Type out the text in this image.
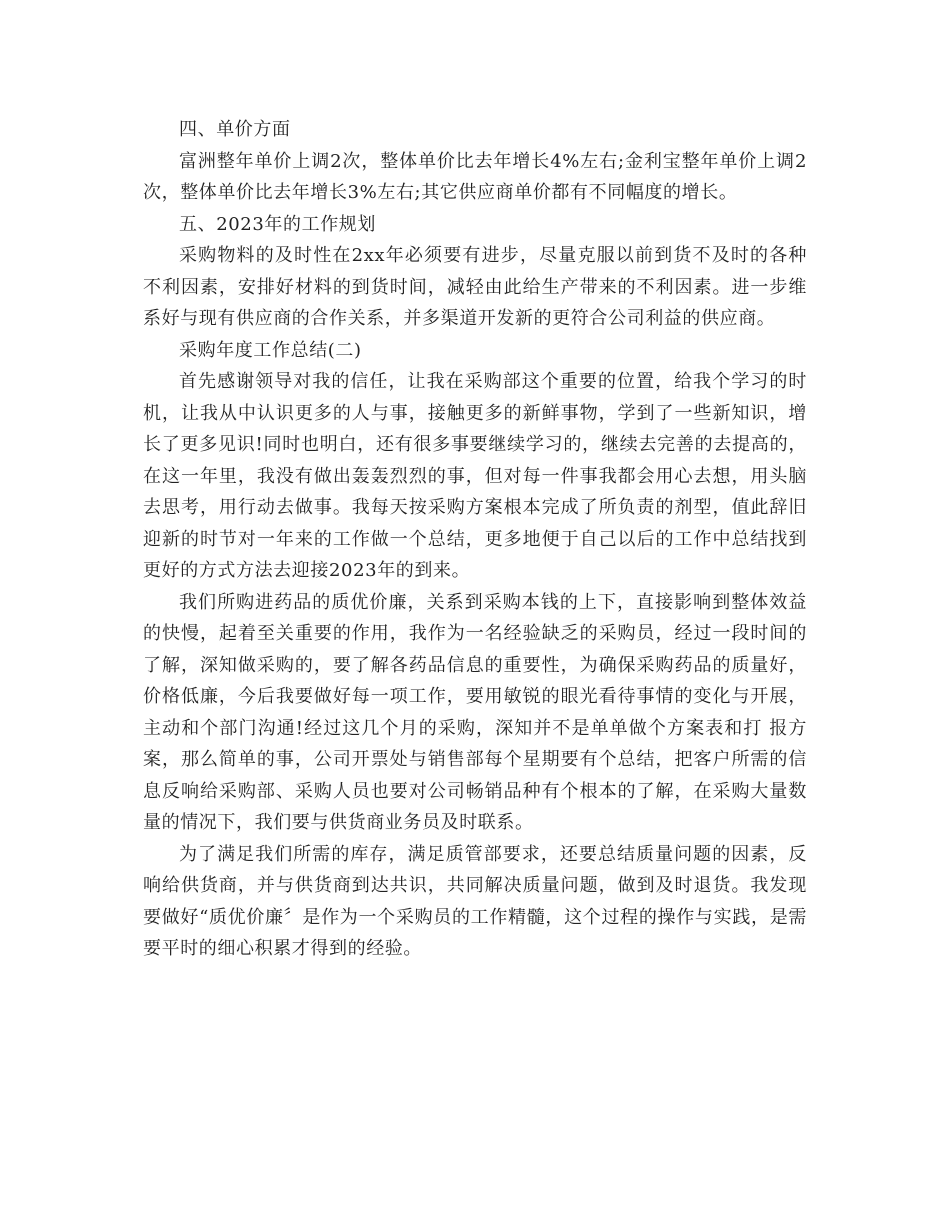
四、单价方面

富洲整年单价上调2次，整体单价比去年增长4%左右;金利宝整年单价上调2次，整体单价比去年增长3%左右;其它供应商单价都有不同幅度的增长。

五、2023年的工作规划

采购物料的及时性在2xx年必须要有进步，尽量克服以前到货不及时的各种不利因素，安排好材料的到货时间，减轻由此给生产带来的不利因素。进一步维系好与现有供应商的合作关系，并多渠道开发新的更符合公司利益的供应商。

采购年度工作总结(二)

首先感谢领导对我的信任，让我在采购部这个重要的位置，给我个学习的时机，让我从中认识更多的人与事，接触更多的新鲜事物，学到了一些新知识，增长了更多见识!同时也明白，还有很多事要继续学习的，继续去完善的去提高的，在这一年里，我没有做出轰轰烈烈的事，但对每一件事我都会用心去想，用头脑去思考，用行动去做事。我每天按采购方案根本完成了所负责的剂型，值此辞旧迎新的时节对一年来的工作做一个总结，更多地便于自己以后的工作中总结找到更好的方式方法去迎接2023年的到来。

我们所购进药品的质优价廉，关系到采购本钱的上下，直接影响到整体效益的快慢，起着至关重要的作用，我作为一名经验缺乏的采购员，经过一段时间的了解，深知做采购的，要了解各药品信息的重要性，为确保采购药品的质量好，价格低廉，今后我要做好每一项工作，要用敏锐的眼光看待事情的变化与开展，主动和个部门沟通!经过这几个月的采购，深知并不是单单做个方案表和打 报方案，那么简单的事，公司开票处与销售部每个星期要有个总结，把客户所需的信息反响给采购部、采购人员也要对公司畅销品种有个根本的了解，在采购大量数量的情况下，我们要与供货商业务员及时联系。

为了满足我们所需的库存，满足质管部要求，还要总结质量问题的因素，反响给供货商，并与供货商到达共识，共同解决质量问题，做到及时退货。我发现要做好“质优价廉〞是作为一个采购员的工作精髓，这个过程的操作与实践，是需要平时的细心积累才得到的经验。
